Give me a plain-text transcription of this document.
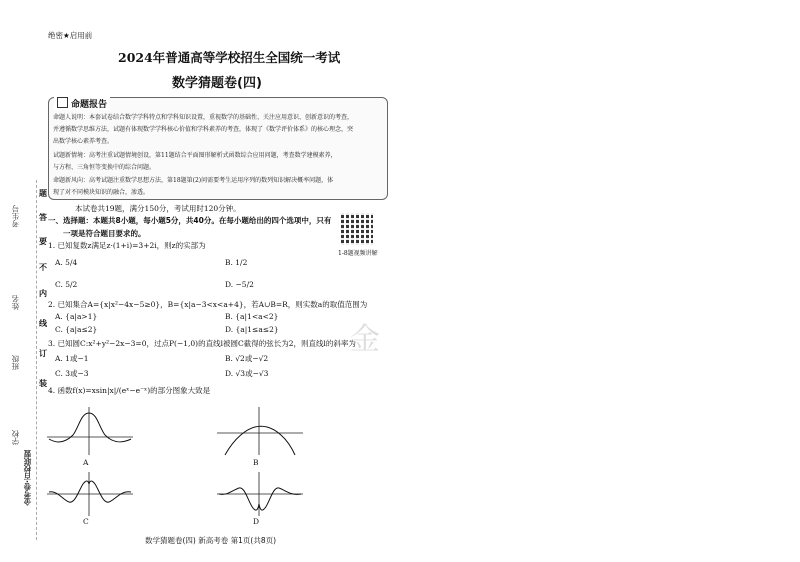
考生号
姓名
班级
学校
金考卷·百校联盟
题
答
要
不
内
线
订
装
绝密★启用前
2024年普通高等学校招生全国统一考试
数学猜题卷(四)
命题报告
命题人说明：本套试卷结合数学学科特点和学科知识设置，重视数学的基础性、关注应用意识、创新意识的考查，
并遵循数学思维方法，试题有体现数学学科核心价值和学科素养的考查，体现了《数学评价体系》的核心理念，突
出数学核心素养考查。
试题新情境：高考注重试题情境创设，第11题结合平面图形解析式函数综合应用问题，考查数学建模素养，
与方程、三角恒等变换中的综合问题。
命题新风向：高考试题注重数学思想方法，第18题第(2)问需要考生运用序列的数列知识解决概率问题，体
现了对不同模块知识的融合，渗透。
本试卷共19题，满分150分，考试用时120分钟。
一、选择题：本题共8小题，每小题5分，共40分。在每小题给出的四个选项中，只有
一项是符合题目要求的。
1-8题视频讲解
1. 已知复数z满足z·(1+i)=3+2i，则z的实部为
A. 5/4	B. 1/2
C. 5/2	D. −5/2
2. 已知集合A={x|x²−4x−5≥0}，B={x|a−3<x<a+4}，若A∪B=R，则实数a的取值范围为
A. {a|a>1}	B. {a|1<a<2}
C. {a|a≤2}	D. {a|1≤a≤2}
3. 已知圆C:x²+y²−2x−3=0，过点P(−1,0)的直线l被圆C截得的弦长为2，则直线l的斜率为
A. 1或−1	B. √2或−√2
C. 3或−3	D. √3或−√3
4. 函数f(x)=xsin|x|/(eˣ−e⁻ˣ)的部分图象大致是
A	B
C	D
金
数学猜题卷(四) 新高考卷 第1页(共8页)
